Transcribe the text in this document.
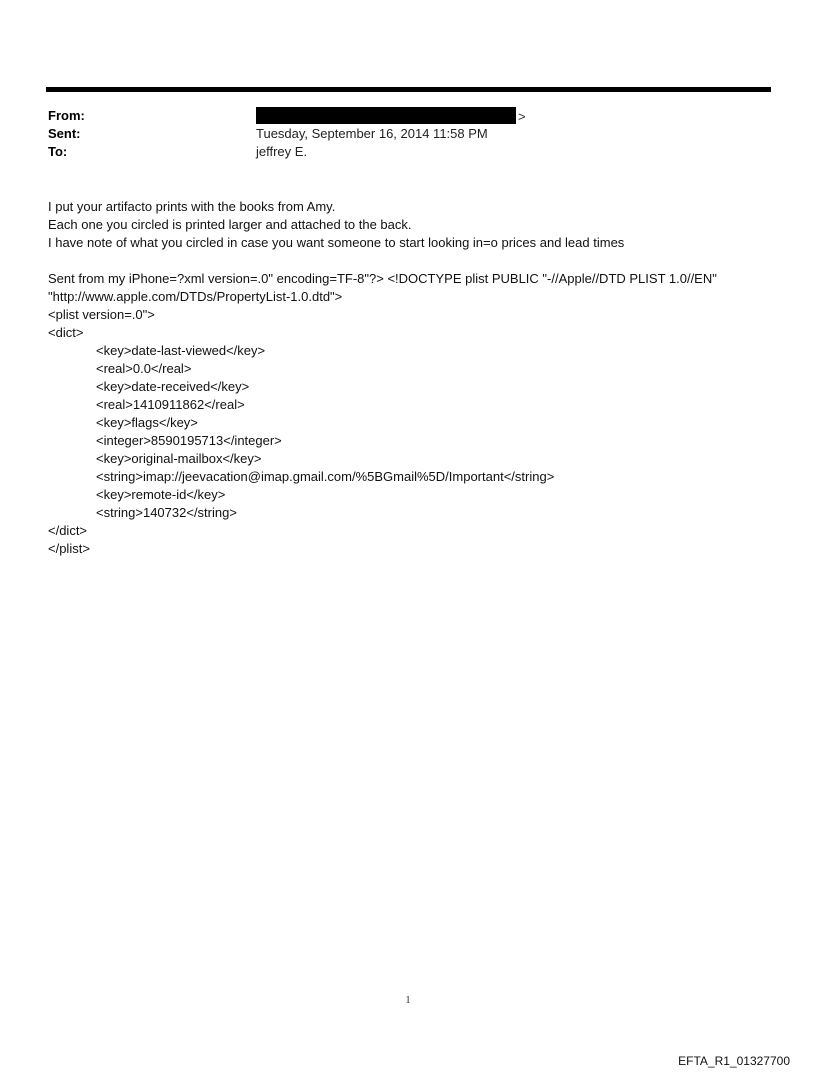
From:	>
Sent:	Tuesday, September 16, 2014 11:58 PM
To:	jeffrey E.

I put your artifacto prints with the books from Amy.

Each one you circled is printed larger and attached to the back.

I have note of what you circled in case you want someone to start looking in=o prices and lead times

Sent from my iPhone=?xml version=.0" encoding=TF-8"?> <!DOCTYPE plist PUBLIC "-//Apple//DTD PLIST 1.0//EN"

"http://www.apple.com/DTDs/PropertyList-1.0.dtd">

<plist version=.0">

<dict>

<key>date-last-viewed</key>

<real>0.0</real>

<key>date-received</key>

<real>1410911862</real>

<key>flags</key>

<integer>8590195713</integer>

<key>original-mailbox</key>

<string>imap://jeevacation@imap.gmail.com/%5BGmail%5D/Important</string>

<key>remote-id</key>

<string>140732</string>

</dict>

</plist>

1
EFTA_R1_01327700
